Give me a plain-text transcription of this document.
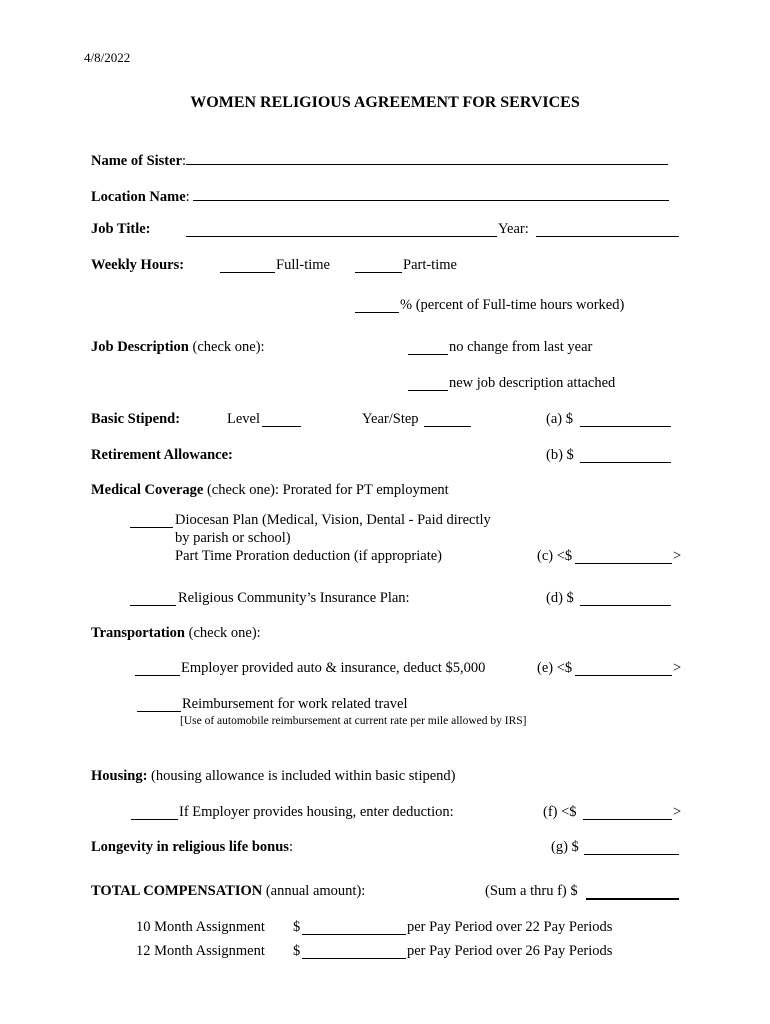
4/8/2022
WOMEN RELIGIOUS AGREEMENT FOR SERVICES
Name of Sister:
Location Name:
Job Title:	Year:
Weekly Hours:	Full-time	Part-time
% (percent of Full-time hours worked)
Job Description (check one):	no change from last year
new job description attached
Basic Stipend:	Level	Year/Step	(a) $
Retirement Allowance:	(b) $
Medical Coverage (check one): Prorated for PT employment
Diocesan Plan (Medical, Vision, Dental - Paid directly
by parish or school)
Part Time Proration deduction (if appropriate)	(c) <$	>
Religious Community’s Insurance Plan:	(d) $
Transportation (check one):
Employer provided auto & insurance, deduct $5,000	(e) <$	>
Reimbursement for work related travel
[Use of automobile reimbursement at current rate per mile allowed by IRS]
Housing: (housing allowance is included within basic stipend)
If Employer provides housing, enter deduction:	(f) <$	>
Longevity in religious life bonus:	(g) $
TOTAL COMPENSATION (annual amount):	(Sum a thru f) $
10 Month Assignment $	per Pay Period over 22 Pay Periods
12 Month Assignment $	per Pay Period over 26 Pay Periods
